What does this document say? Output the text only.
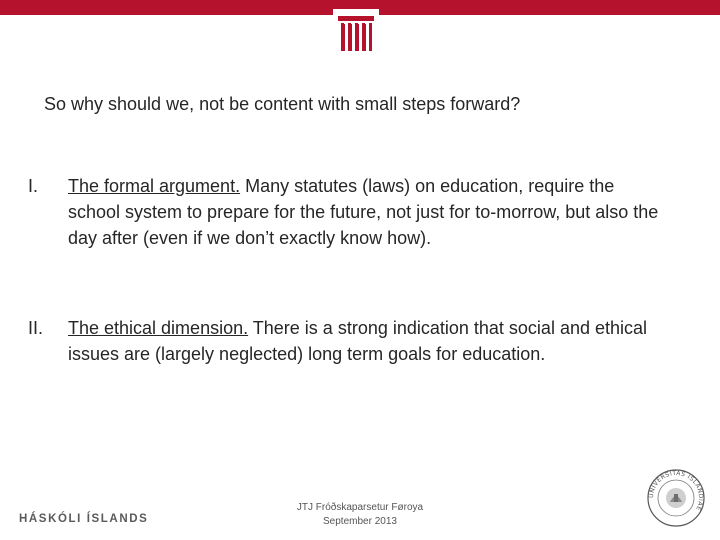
So why should we, not be content with small steps forward?
I.	The formal argument. Many statutes (laws) on education, require the school system to prepare for the future, not just for to-morrow, but also the day after (even if we don’t exactly know how).
II.	The ethical dimension. There is a strong indication that social and ethical issues are (largely neglected) long term goals for education.
HÁSKÓLI ÍSLANDS
JTJ Fróðskaparsetur Føroya
September 2013
UNIVERSITAS ISLANDIAE
